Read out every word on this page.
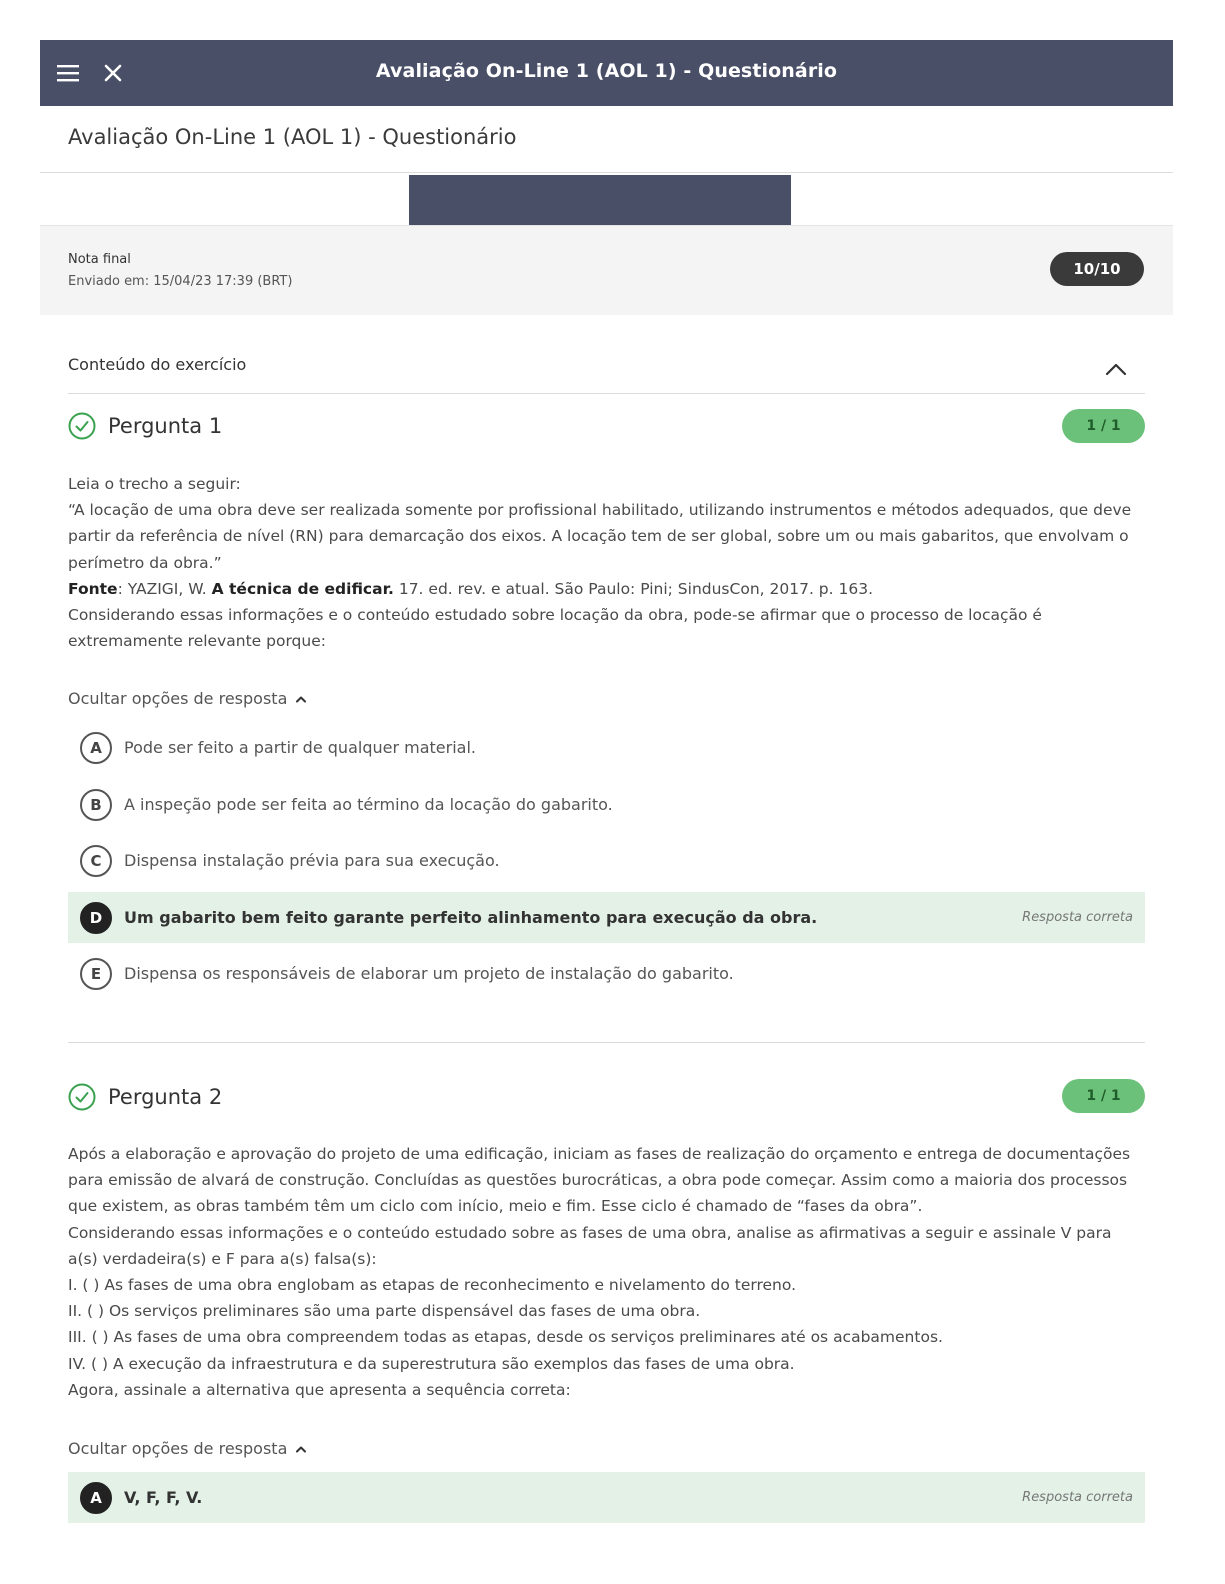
Avaliação On-Line 1 (AOL 1) - Questionário
Avaliação On-Line 1 (AOL 1) - Questionário
Nota final
Enviado em: 15/04/23 17:39 (BRT)
10/10
Conteúdo do exercício
Pergunta 1	1 / 1

Leia o trecho a seguir:

“A locação de uma obra deve ser realizada somente por profissional habilitado, utilizando instrumentos e métodos adequados, que deve partir da referência de nível (RN) para demarcação dos eixos. A locação tem de ser global, sobre um ou mais gabaritos, que envolvam o perímetro da obra.”

Fonte: YAZIGI, W. A técnica de edificar. 17. ed. rev. e atual. São Paulo: Pini; SindusCon, 2017. p. 163.

Considerando essas informações e o conteúdo estudado sobre locação da obra, pode-se afirmar que o processo de locação é extremamente relevante porque:

Ocultar opções de resposta
A	Pode ser feito a partir de qualquer material.
B	A inspeção pode ser feita ao término da locação do gabarito.
C	Dispensa instalação prévia para sua execução.
D	Um gabarito bem feito garante perfeito alinhamento para execução da obra.	Resposta correta
E	Dispensa os responsáveis de elaborar um projeto de instalação do gabarito.
Pergunta 2	1 / 1

Após a elaboração e aprovação do projeto de uma edificação, iniciam as fases de realização do orçamento e entrega de documentações para emissão de alvará de construção. Concluídas as questões burocráticas, a obra pode começar. Assim como a maioria dos processos que existem, as obras também têm um ciclo com início, meio e fim. Esse ciclo é chamado de “fases da obra”.

Considerando essas informações e o conteúdo estudado sobre as fases de uma obra, analise as afirmativas a seguir e assinale V para a(s) verdadeira(s) e F para a(s) falsa(s):

I. ( ) As fases de uma obra englobam as etapas de reconhecimento e nivelamento do terreno.

II. ( ) Os serviços preliminares são uma parte dispensável das fases de uma obra.

III. ( ) As fases de uma obra compreendem todas as etapas, desde os serviços preliminares até os acabamentos.

IV. ( ) A execução da infraestrutura e da superestrutura são exemplos das fases de uma obra.

Agora, assinale a alternativa que apresenta a sequência correta:

Ocultar opções de resposta
A	V, F, F, V.	Resposta correta
